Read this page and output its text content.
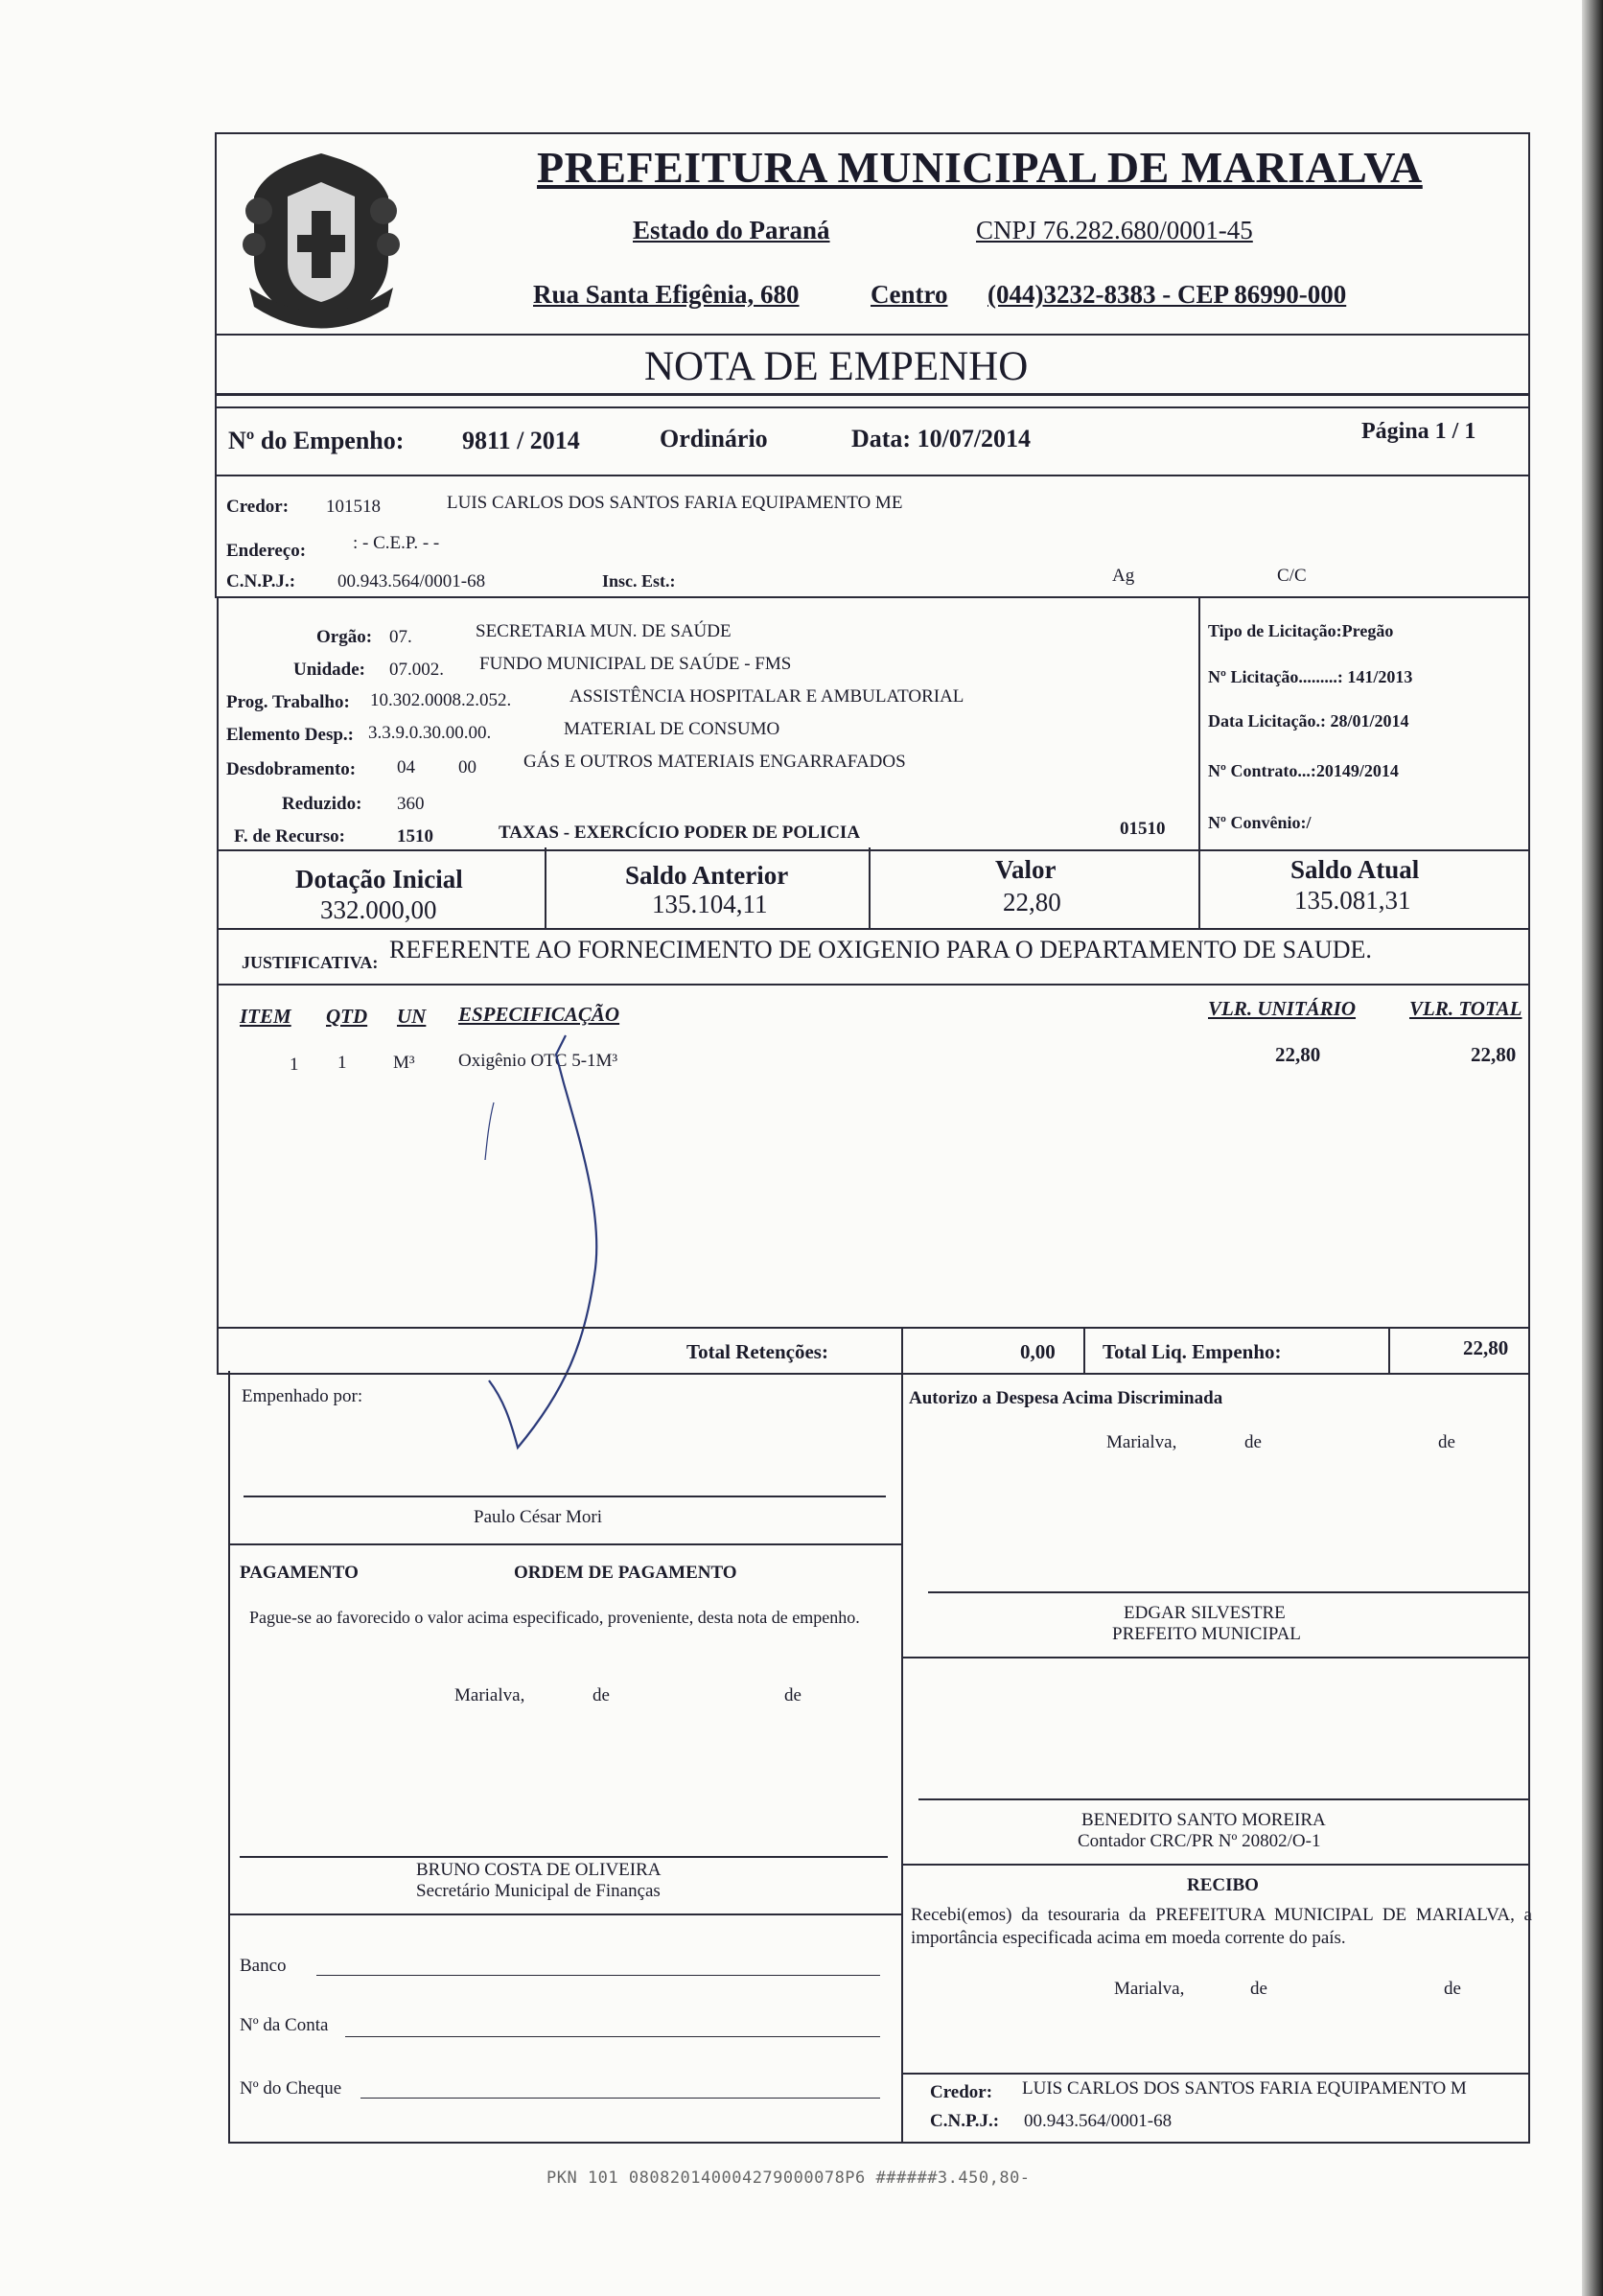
PREFEITURA MUNICIPAL DE MARIALVA
Estado do Paraná	CNPJ 76.282.680/0001-45
Rua Santa Efigênia, 680	Centro (044)3232-8383 - CEP 86990-000
NOTA DE EMPENHO
Nº do Empenho: 9811 / 2014	Ordinário	Data: 10/07/2014	Página 1 / 1
Credor: 101518	LUIS CARLOS DOS SANTOS FARIA EQUIPAMENTO ME
Endereço:	: - C.E.P. - -
C.N.P.J.: 00.943.564/0001-68	Insc. Est.:	Ag	C/C
Orgão: 07.	SECRETARIA MUN. DE SAÚDE
Unidade: 07.002. FUNDO MUNICIPAL DE SAÚDE - FMS
Prog. Trabalho: 10.302.0008.2.052.	ASSISTÊNCIA HOSPITALAR E AMBULATORIAL
Elemento Desp.: 3.3.9.0.30.00.00.	MATERIAL DE CONSUMO
Desdobramento: 04 00	GÁS E OUTROS MATERIAIS ENGARRAFADOS
Reduzido: 360
F. de Recurso:	1510	TAXAS - EXERCÍCIO PODER DE POLICIA	01510
Tipo de Licitação:Pregão
Nº Licitação.........: 141/2013
Data Licitação.: 28/01/2014
Nº Contrato...:20149/2014
Nº Convênio:/
Dotação Inicial
332.000,00
Saldo Anterior
135.104,11
Valor
22,80
Saldo Atual
135.081,31
JUSTIFICATIVA: REFERENTE AO FORNECIMENTO DE OXIGENIO PARA O DEPARTAMENTO DE SAUDE.
ITEM QTD UN ESPECIFICAÇÃO	VLR. UNITÁRIO	VLR. TOTAL
1 1	M³ Oxigênio OTC 5-1M³	22,80	22,80
Total Retenções:	0,00 Total Liq. Empenho:	22,80
Empenhado por:
Paulo César Mori
Autorizo a Despesa Acima Discriminada
Marialva,	de	de
PAGAMENTO	ORDEM DE PAGAMENTO
Pague-se ao favorecido o valor acima especificado, proveniente, desta nota de empenho.
Marialva,	de	de
EDGAR SILVESTRE
PREFEITO MUNICIPAL
BENEDITO SANTO MOREIRA
Contador CRC/PR Nº 20802/O-1
BRUNO COSTA DE OLIVEIRA
Secretário Municipal de Finanças	RECIBO
Recebi(emos) da tesouraria da PREFEITURA MUNICIPAL DE MARIALVA, a importância especificada acima em moeda corrente do país.
Marialva,	de	de
Banco
Nº da Conta
Nº do Cheque	Credor: LUIS CARLOS DOS SANTOS FARIA EQUIPAMENTO M
C.N.P.J.: 00.943.564/0001-68
PKN 101 080820140004279000078P6 ######3.450,80-
